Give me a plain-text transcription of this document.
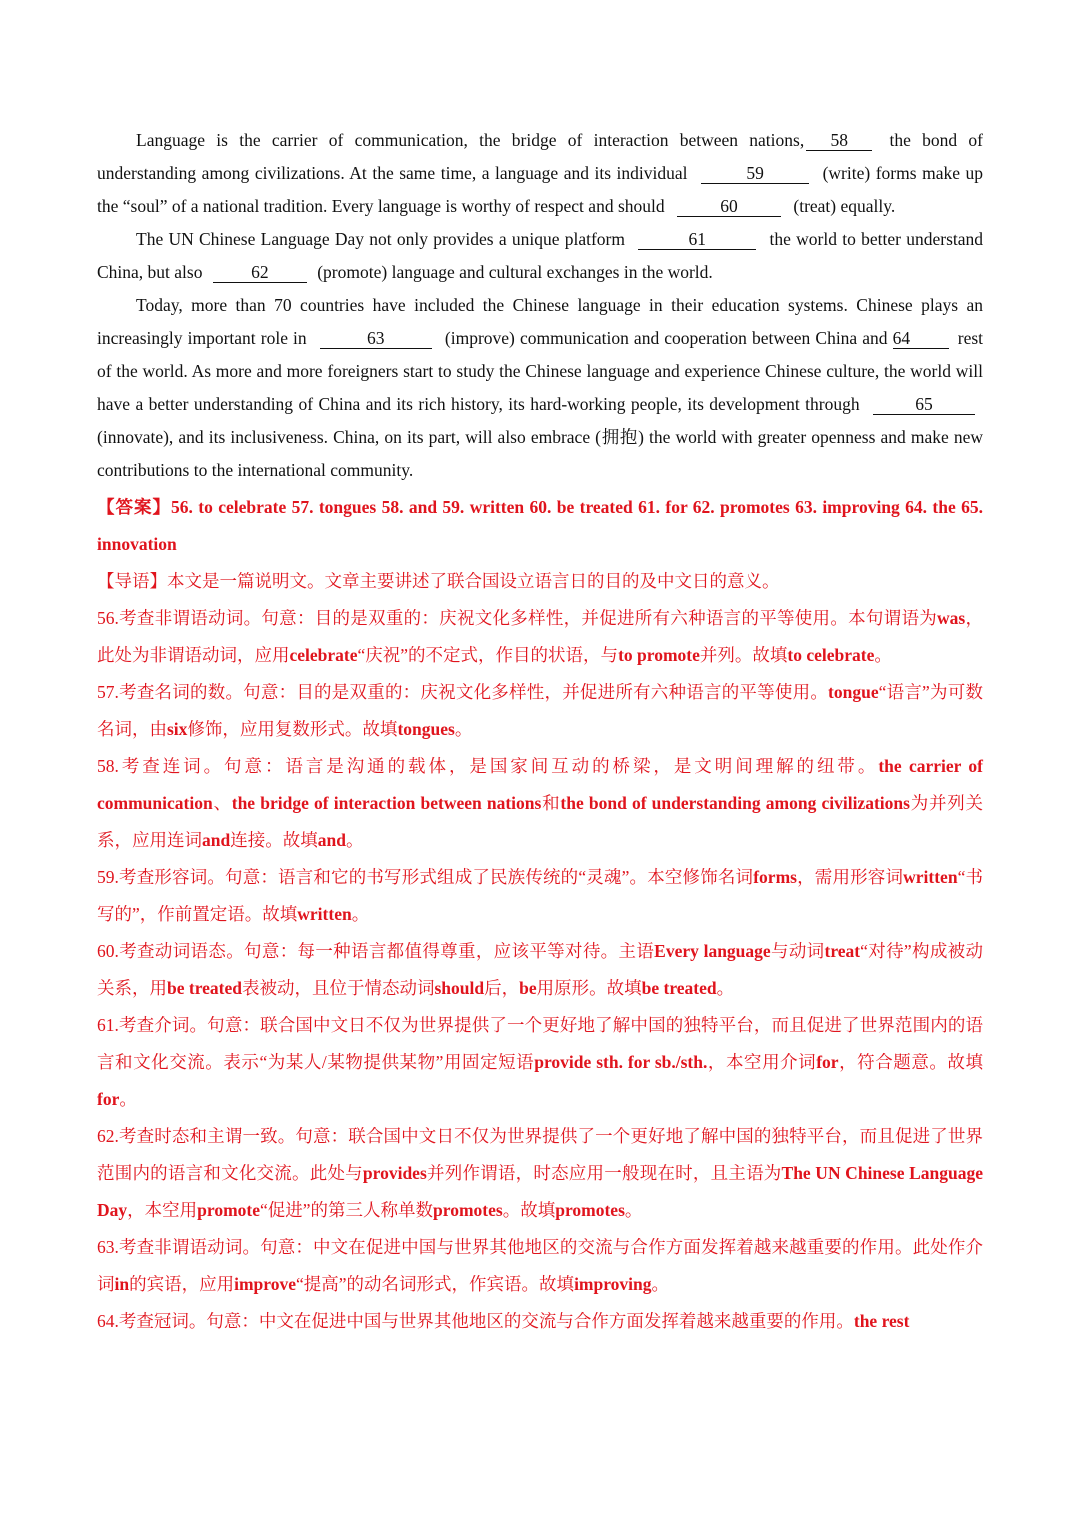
Language is the carrier of communication, the bridge of interaction between nations, 58 the bond of understanding among civilizations. At the same time, a language and its individual	59	(write) forms make up the “soul” of a national tradition. Every language is worthy of respect and should	60	(treat) equally.

The UN Chinese Language Day not only provides a unique platform	61	the world to better understand China, but also	62	(promote) language and cultural exchanges in the world.

Today, more than 70 countries have included the Chinese language in their education systems. Chinese plays an increasingly important role in	63	(improve) communication and cooperation between China and 64	rest of the world. As more and more foreigners start to study the Chinese language and experience Chinese culture, the world will have a better understanding of China and its rich history, its hard-working people, its development through	65 (innovate), and its inclusiveness. China, on its part, will also embrace (拥抱) the world with greater openness and make new contributions to the international community.

【答案】56. to celebrate 57. tongues 58. and 59. written 60. be treated 61. for 62. promotes 63. improving 64. the 65. innovation

【导语】本文是一篇说明文。文章主要讲述了联合国设立语言日的目的及中文日的意义。

56.考查非谓语动词。句意：目的是双重的：庆祝文化多样性，并促进所有六种语言的平等使用。本句谓语为was，此处为非谓语动词，应用celebrate“庆祝”的不定式，作目的状语，与to promote并列。故填to celebrate。

57.考查名词的数。句意：目的是双重的：庆祝文化多样性，并促进所有六种语言的平等使用。tongue“语言”为可数名词，由six修饰，应用复数形式。故填tongues。

58.考查连词。句意：语言是沟通的载体，是国家间互动的桥梁，是文明间理解的纽带。the carrier of communication、the bridge of interaction between nations和the bond of understanding among civilizations为并列关系，应用连词and连接。故填and。

59.考查形容词。句意：语言和它的书写形式组成了民族传统的“灵魂”。本空修饰名词forms，需用形容词written“书写的”，作前置定语。故填written。

60.考查动词语态。句意：每一种语言都值得尊重，应该平等对待。主语Every language与动词treat“对待”构成被动关系，用be treated表被动，且位于情态动词should后，be用原形。故填be treated。

61.考查介词。句意：联合国中文日不仅为世界提供了一个更好地了解中国的独特平台，而且促进了世界范围内的语言和文化交流。表示“为某人/某物提供某物”用固定短语provide sth. for sb./sth.，本空用介词for，符合题意。故填for。

62.考查时态和主谓一致。句意：联合国中文日不仅为世界提供了一个更好地了解中国的独特平台，而且促进了世界范围内的语言和文化交流。此处与provides并列作谓语，时态应用一般现在时，且主语为The UN Chinese Language Day，本空用promote“促进”的第三人称单数promotes。故填promotes。

63.考查非谓语动词。句意：中文在促进中国与世界其他地区的交流与合作方面发挥着越来越重要的作用。此处作介词in的宾语，应用improve“提高”的动名词形式，作宾语。故填improving。

64.考查冠词。句意：中文在促进中国与世界其他地区的交流与合作方面发挥着越来越重要的作用。the rest
